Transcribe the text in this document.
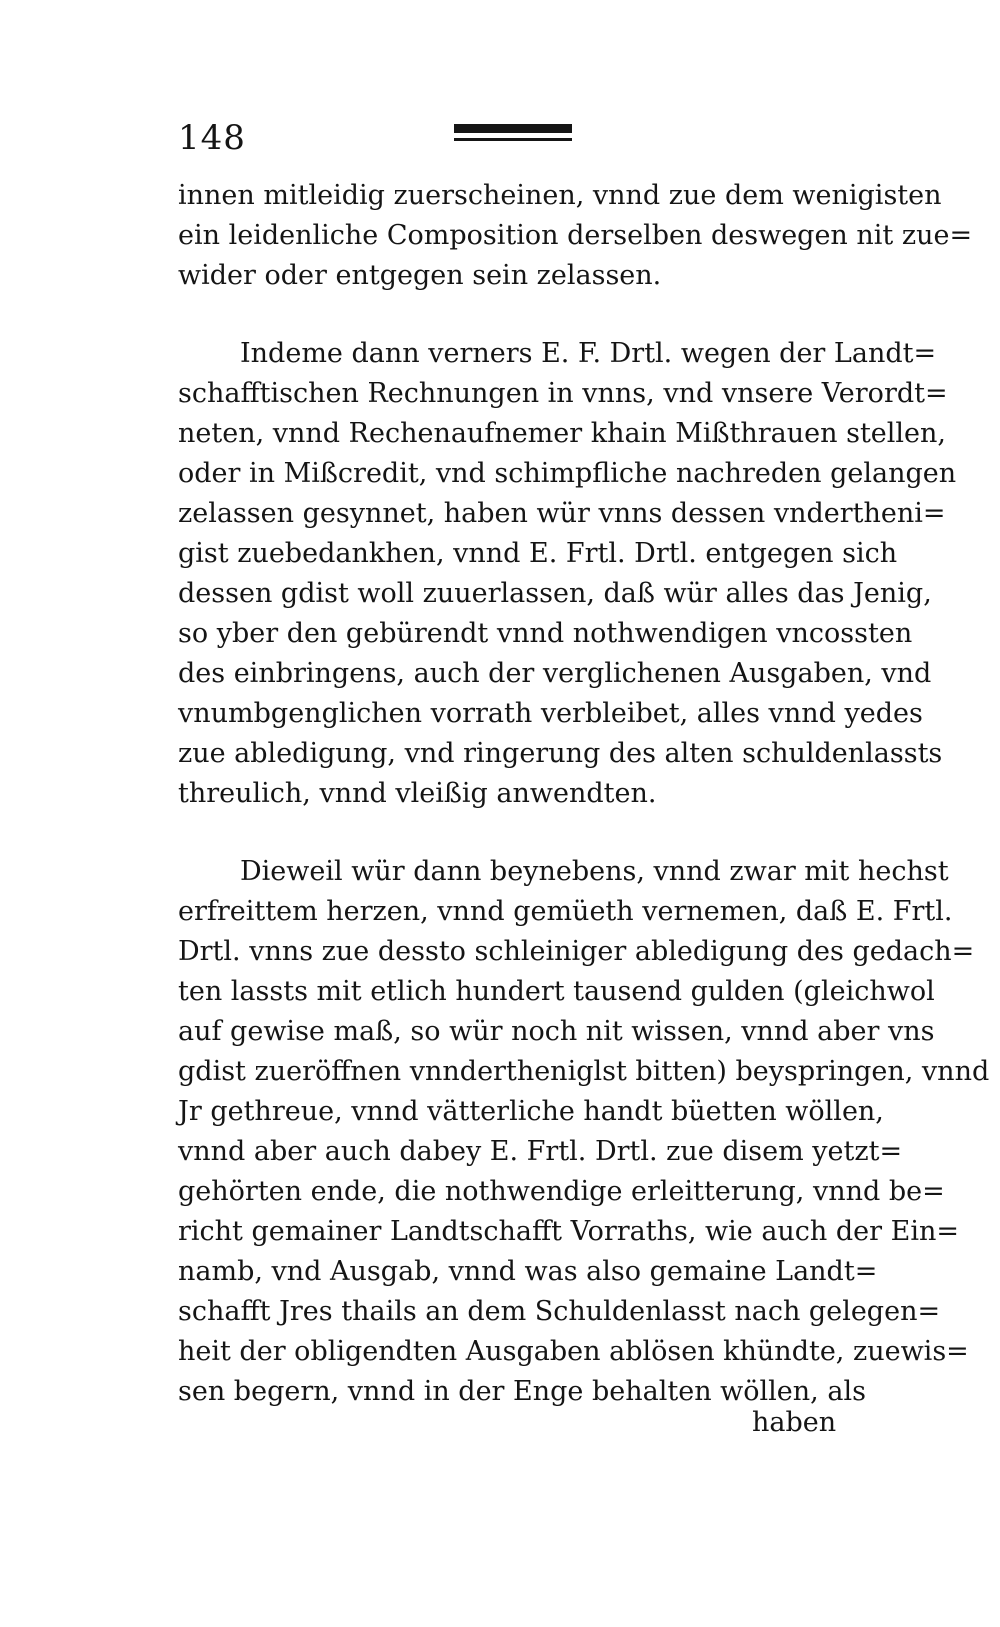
148
innen mitleidig zuerscheinen, vnnd zue dem wenigisten
ein leidenliche Composition derselben deswegen nit zue=
wider oder entgegen sein zelassen.
Indeme dann verners E. F. Drtl. wegen der Landt=
schafftischen Rechnungen in vnns, vnd vnsere Verordt=
neten, vnnd Rechenaufnemer khain Mißthrauen stellen,
oder in Mißcredit, vnd schimpfliche nachreden gelangen
zelassen gesynnet, haben wür vnns dessen vndertheni=
gist zuebedankhen, vnnd E. Frtl. Drtl. entgegen sich
dessen gdist woll zuuerlassen, daß wür alles das Jenig,
so yber den gebürendt vnnd nothwendigen vncossten
des einbringens, auch der verglichenen Ausgaben, vnd
vnumbgenglichen vorrath verbleibet, alles vnnd yedes
zue abledigung, vnd ringerung des alten schuldenlassts
threulich, vnnd vleißig anwendten.
Dieweil wür dann beynebens, vnnd zwar mit hechst
erfreittem herzen, vnnd gemüeth vernemen, daß E. Frtl.
Drtl. vnns zue dessto schleiniger abledigung des gedach=
ten lassts mit etlich hundert tausend gulden (gleichwol
auf gewise maß, so wür noch nit wissen, vnnd aber vns
gdist zueröffnen vnndertheniglst bitten) beyspringen, vnnd
Jr gethreue, vnnd vätterliche handt büetten wöllen,
vnnd aber auch dabey E. Frtl. Drtl. zue disem yetzt=
gehörten ende, die nothwendige erleitterung, vnnd be=
richt gemainer Landtschafft Vorraths, wie auch der Ein=
namb, vnd Ausgab, vnnd was also gemaine Landt=
schafft Jres thails an dem Schuldenlasst nach gelegen=
heit der obligendten Ausgaben ablösen khündte, zuewis=
sen begern, vnnd in der Enge behalten wöllen, als
haben
